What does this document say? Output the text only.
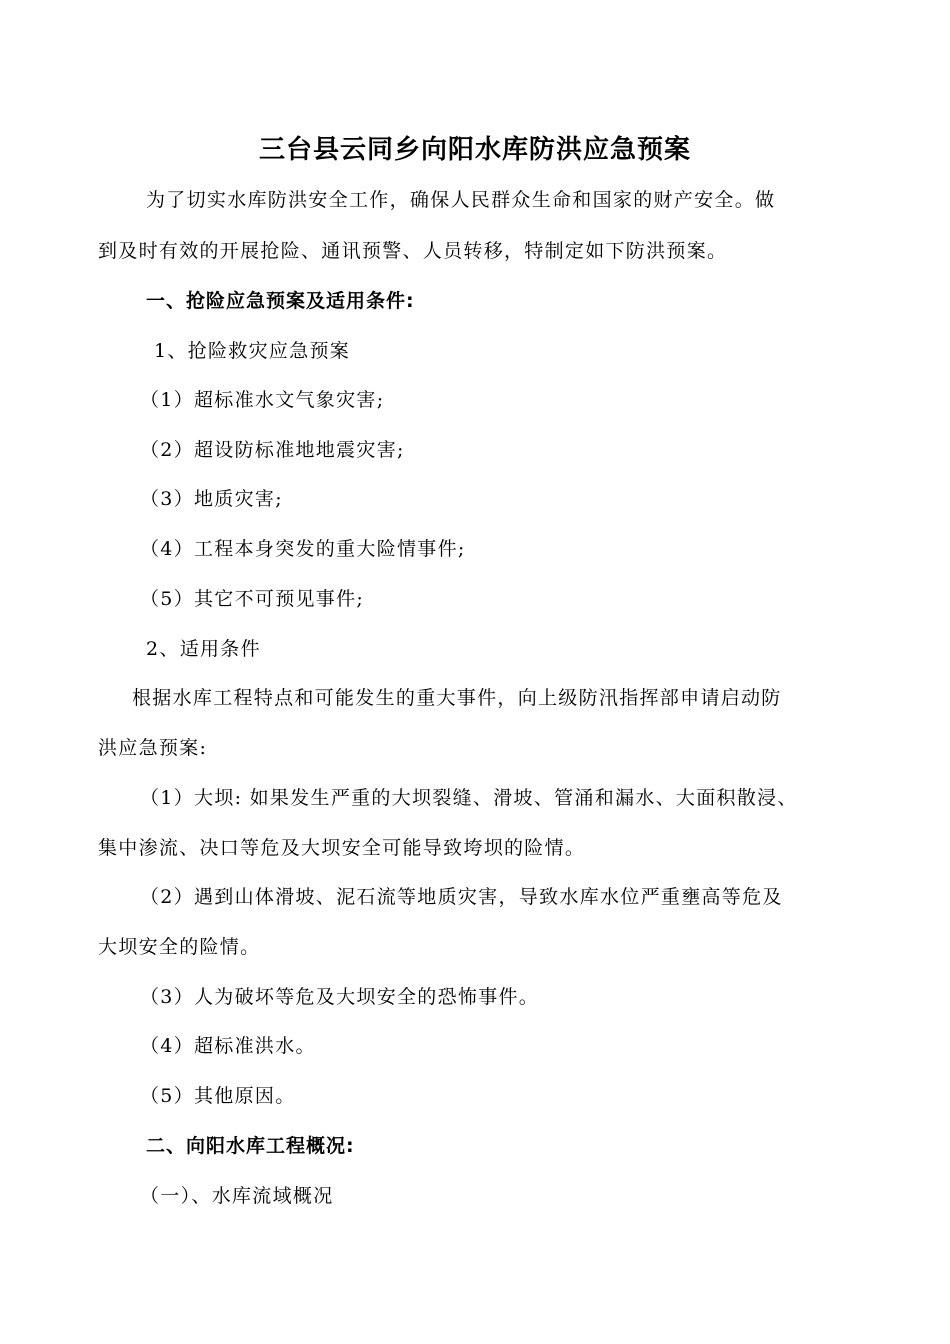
三台县云同乡向阳水库防洪应急预案
为了切实水库防洪安全工作，确保人民群众生命和国家的财产安全。做
到及时有效的开展抢险、通讯预警、人员转移，特制定如下防洪预案。
一、抢险应急预案及适用条件:
1、抢险救灾应急预案
（1）超标准水文气象灾害;
（2）超设防标准地地震灾害;
（3）地质灾害;
（4）工程本身突发的重大险情事件;
（5）其它不可预见事件;
2、适用条件
根据水库工程特点和可能发生的重大事件，向上级防汛指挥部申请启动防
洪应急预案:
（1）大坝: 如果发生严重的大坝裂缝、滑坡、管涌和漏水、大面积散浸、
集中渗流、决口等危及大坝安全可能导致垮坝的险情。
（2）遇到山体滑坡、泥石流等地质灾害，导致水库水位严重壅高等危及
大坝安全的险情。
（3）人为破坏等危及大坝安全的恐怖事件。
（4）超标准洪水。
（5）其他原因。
二、向阳水库工程概况:
（一）、水库流域概况
